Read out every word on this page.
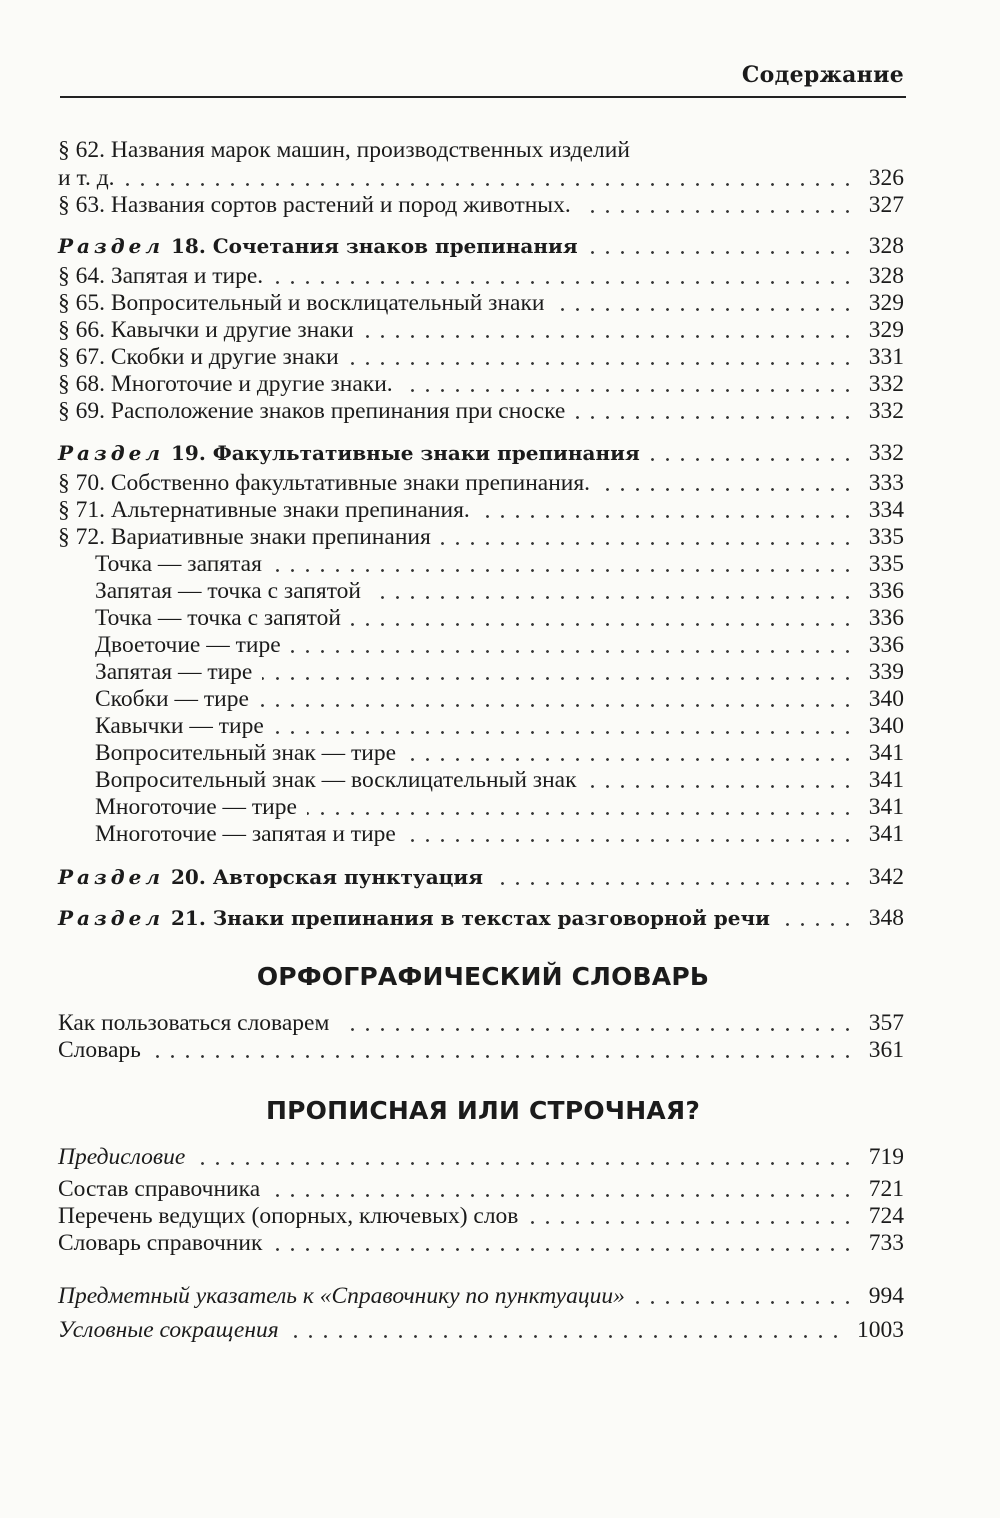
Содержание
§ 62. Названия марок машин, производственных изделий
и т. д.	326
§ 63. Названия сортов растений и пород животных.	327
Раздел 18. Сочетания знаков препинания	328
§ 64. Запятая и тире.	328
§ 65. Вопросительный и восклицательный знаки	329
§ 66. Кавычки и другие знаки	329
§ 67. Скобки и другие знаки	331
§ 68. Многоточие и другие знаки.	332
§ 69. Расположение знаков препинания при сноске	332
Раздел 19. Факультативные знаки препинания	332
§ 70. Собственно факультативные знаки препинания.	333
§ 71. Альтернативные знаки препинания.	334
§ 72. Вариативные знаки препинания	335
Точка — запятая	335
Запятая — точка с запятой	336
Точка — точка с запятой	336
Двоеточие — тире	336
Запятая — тире	339
Скобки — тире	340
Кавычки — тире	340
Вопросительный знак — тире	341
Вопросительный знак — восклицательный знак	341
Многоточие — тире	341
Многоточие — запятая и тире	341
Раздел 20. Авторская пунктуация	342
Раздел 21. Знаки препинания в текстах разговорной речи	348
ОРФОГРАФИЧЕСКИЙ СЛОВАРЬ
Как пользоваться словарем	357
Словарь	361
ПРОПИСНАЯ ИЛИ СТРОЧНАЯ?
Предисловие	719
Состав справочника	721
Перечень ведущих (опорных, ключевых) слов	724
Словарь справочник	733
Предметный указатель к «Справочнику по пунктуации»	994
Условные сокращения	1003
